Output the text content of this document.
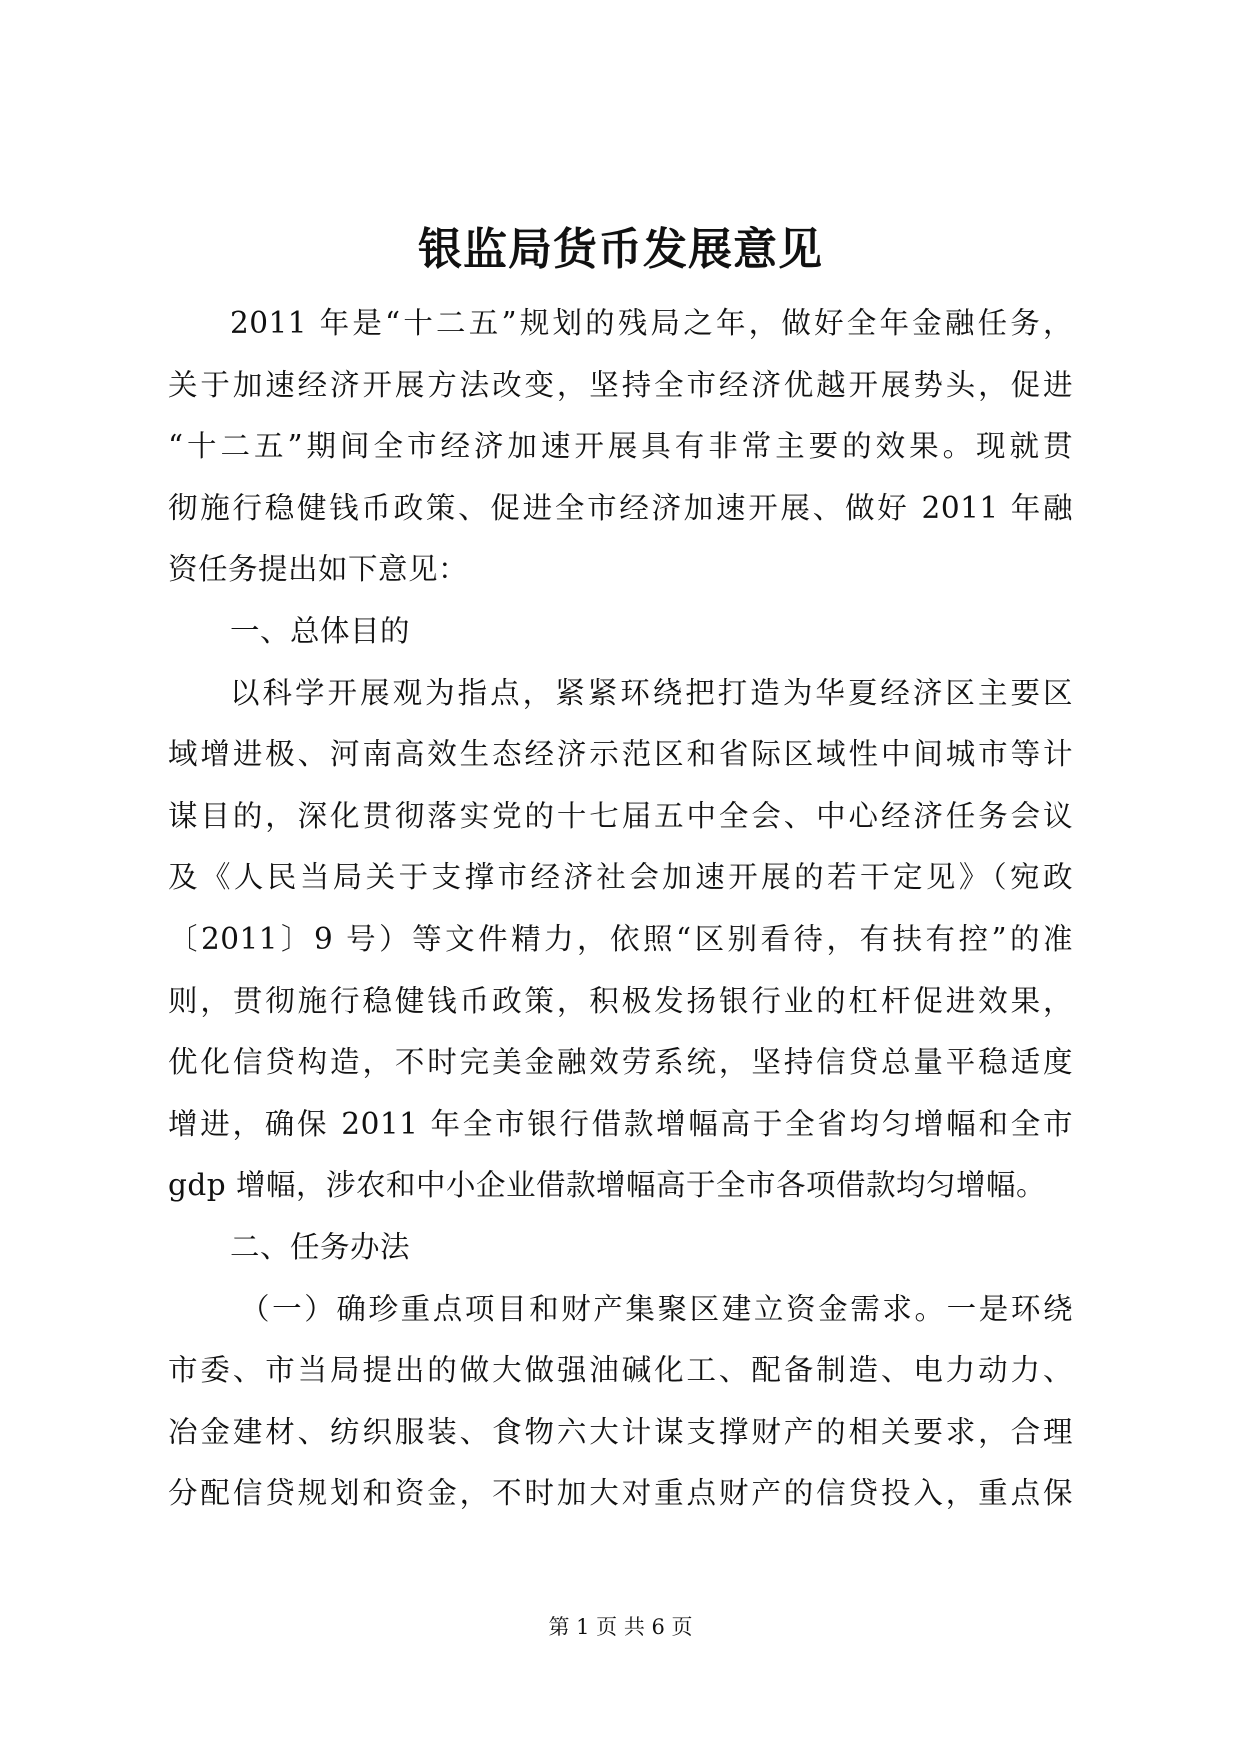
银监局货币发展意见
2011 年是“十二五”规划的残局之年，做好全年金融任务，
关于加速经济开展方法改变，坚持全市经济优越开展势头，促进
“十二五”期间全市经济加速开展具有非常主要的效果。现就贯
彻施行稳健钱币政策、促进全市经济加速开展、做好 2011 年融
资任务提出如下意见：
一、总体目的
以科学开展观为指点，紧紧环绕把打造为华夏经济区主要区
域增进极、河南高效生态经济示范区和省际区域性中间城市等计
谋目的，深化贯彻落实党的十七届五中全会、中心经济任务会议
及《人民当局关于支撑市经济社会加速开展的若干定见》（宛政
〔2011〕9 号）等文件精力，依照“区别看待，有扶有控”的准
则，贯彻施行稳健钱币政策，积极发扬银行业的杠杆促进效果，
优化信贷构造，不时完美金融效劳系统，坚持信贷总量平稳适度
增进，确保 2011 年全市银行借款增幅高于全省均匀增幅和全市
gdp 增幅，涉农和中小企业借款增幅高于全市各项借款均匀增幅。
二、任务办法
（一）确珍重点项目和财产集聚区建立资金需求。一是环绕
市委、市当局提出的做大做强油碱化工、配备制造、电力动力、
冶金建材、纺织服装、食物六大计谋支撑财产的相关要求，合理
分配信贷规划和资金，不时加大对重点财产的信贷投入，重点保
第 1 页 共 6 页
